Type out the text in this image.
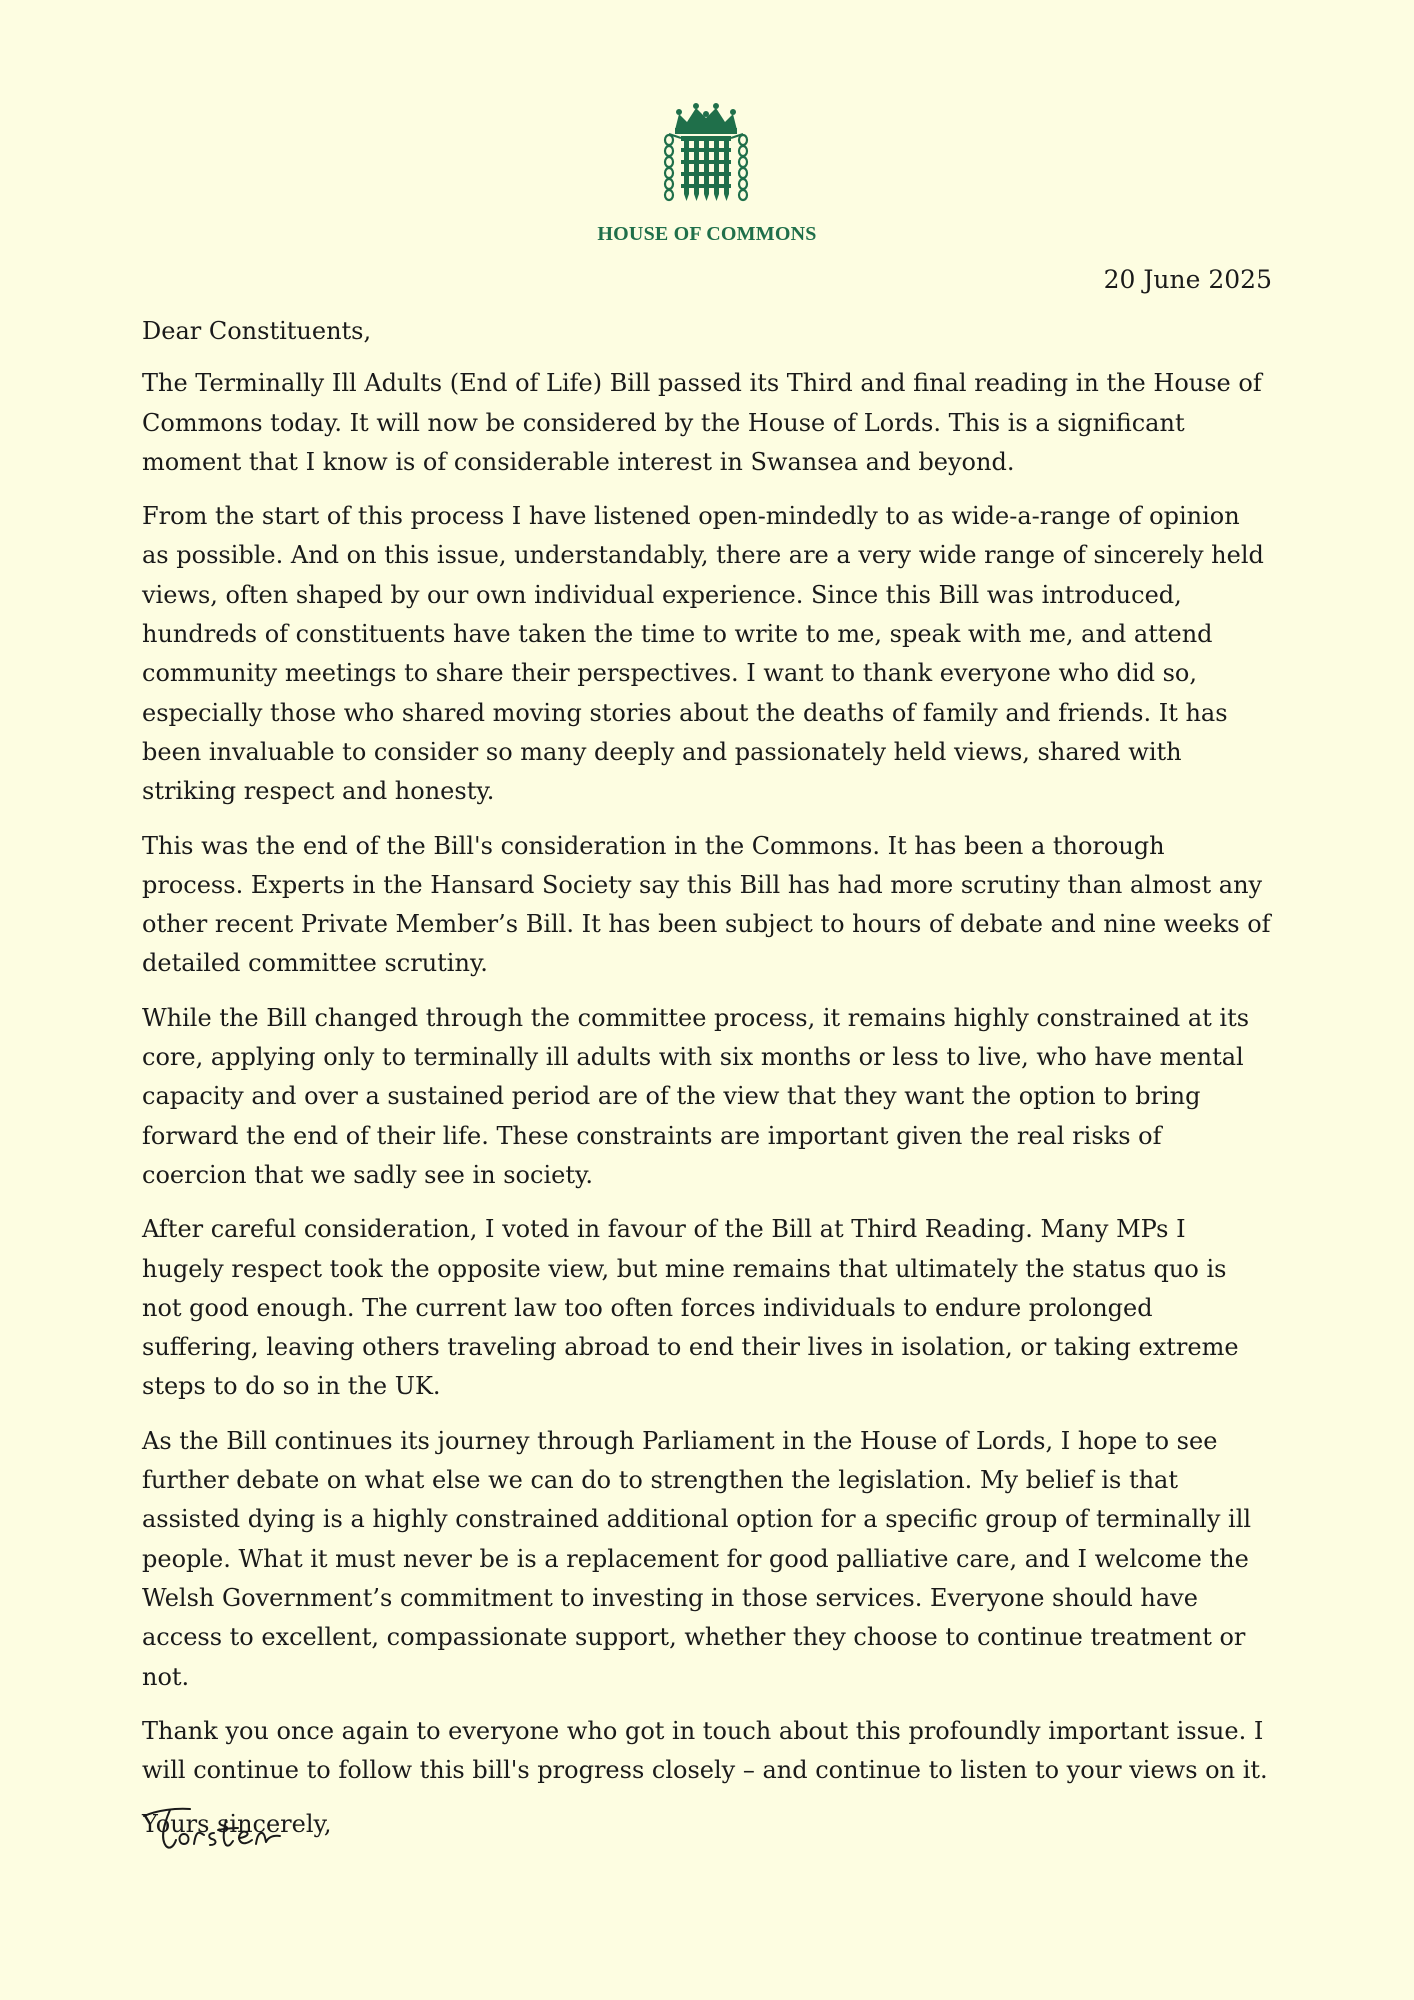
HOUSE OF COMMONS
20 June 2025

Dear Constituents,

The Terminally Ill Adults (End of Life) Bill passed its Third and final reading in the House of Commons today. It will now be considered by the House of Lords. This is a significant moment that I know is of considerable interest in Swansea and beyond.

From the start of this process I have listened open-mindedly to as wide-a-range of opinion as possible. And on this issue, understandably, there are a very wide range of sincerely held views, often shaped by our own individual experience. Since this Bill was introduced, hundreds of constituents have taken the time to write to me, speak with me, and attend community meetings to share their perspectives. I want to thank everyone who did so, especially those who shared moving stories about the deaths of family and friends. It has been invaluable to consider so many deeply and passionately held views, shared with striking respect and honesty.

This was the end of the Bill's consideration in the Commons. It has been a thorough process. Experts in the Hansard Society say this Bill has had more scrutiny than almost any other recent Private Member’s Bill. It has been subject to hours of debate and nine weeks of detailed committee scrutiny.

While the Bill changed through the committee process, it remains highly constrained at its core, applying only to terminally ill adults with six months or less to live, who have mental capacity and over a sustained period are of the view that they want the option to bring forward the end of their life. These constraints are important given the real risks of coercion that we sadly see in society.

After careful consideration, I voted in favour of the Bill at Third Reading. Many MPs I hugely respect took the opposite view, but mine remains that ultimately the status quo is not good enough. The current law too often forces individuals to endure prolonged suffering, leaving others traveling abroad to end their lives in isolation, or taking extreme steps to do so in the UK.

As the Bill continues its journey through Parliament in the House of Lords, I hope to see further debate on what else we can do to strengthen the legislation. My belief is that assisted dying is a highly constrained additional option for a specific group of terminally ill people. What it must never be is a replacement for good palliative care, and I welcome the Welsh Government’s commitment to investing in those services. Everyone should have access to excellent, compassionate support, whether they choose to continue treatment or not.

Thank you once again to everyone who got in touch about this profoundly important issue. I will continue to follow this bill's progress closely – and continue to listen to your views on it.

Yours sincerely,
